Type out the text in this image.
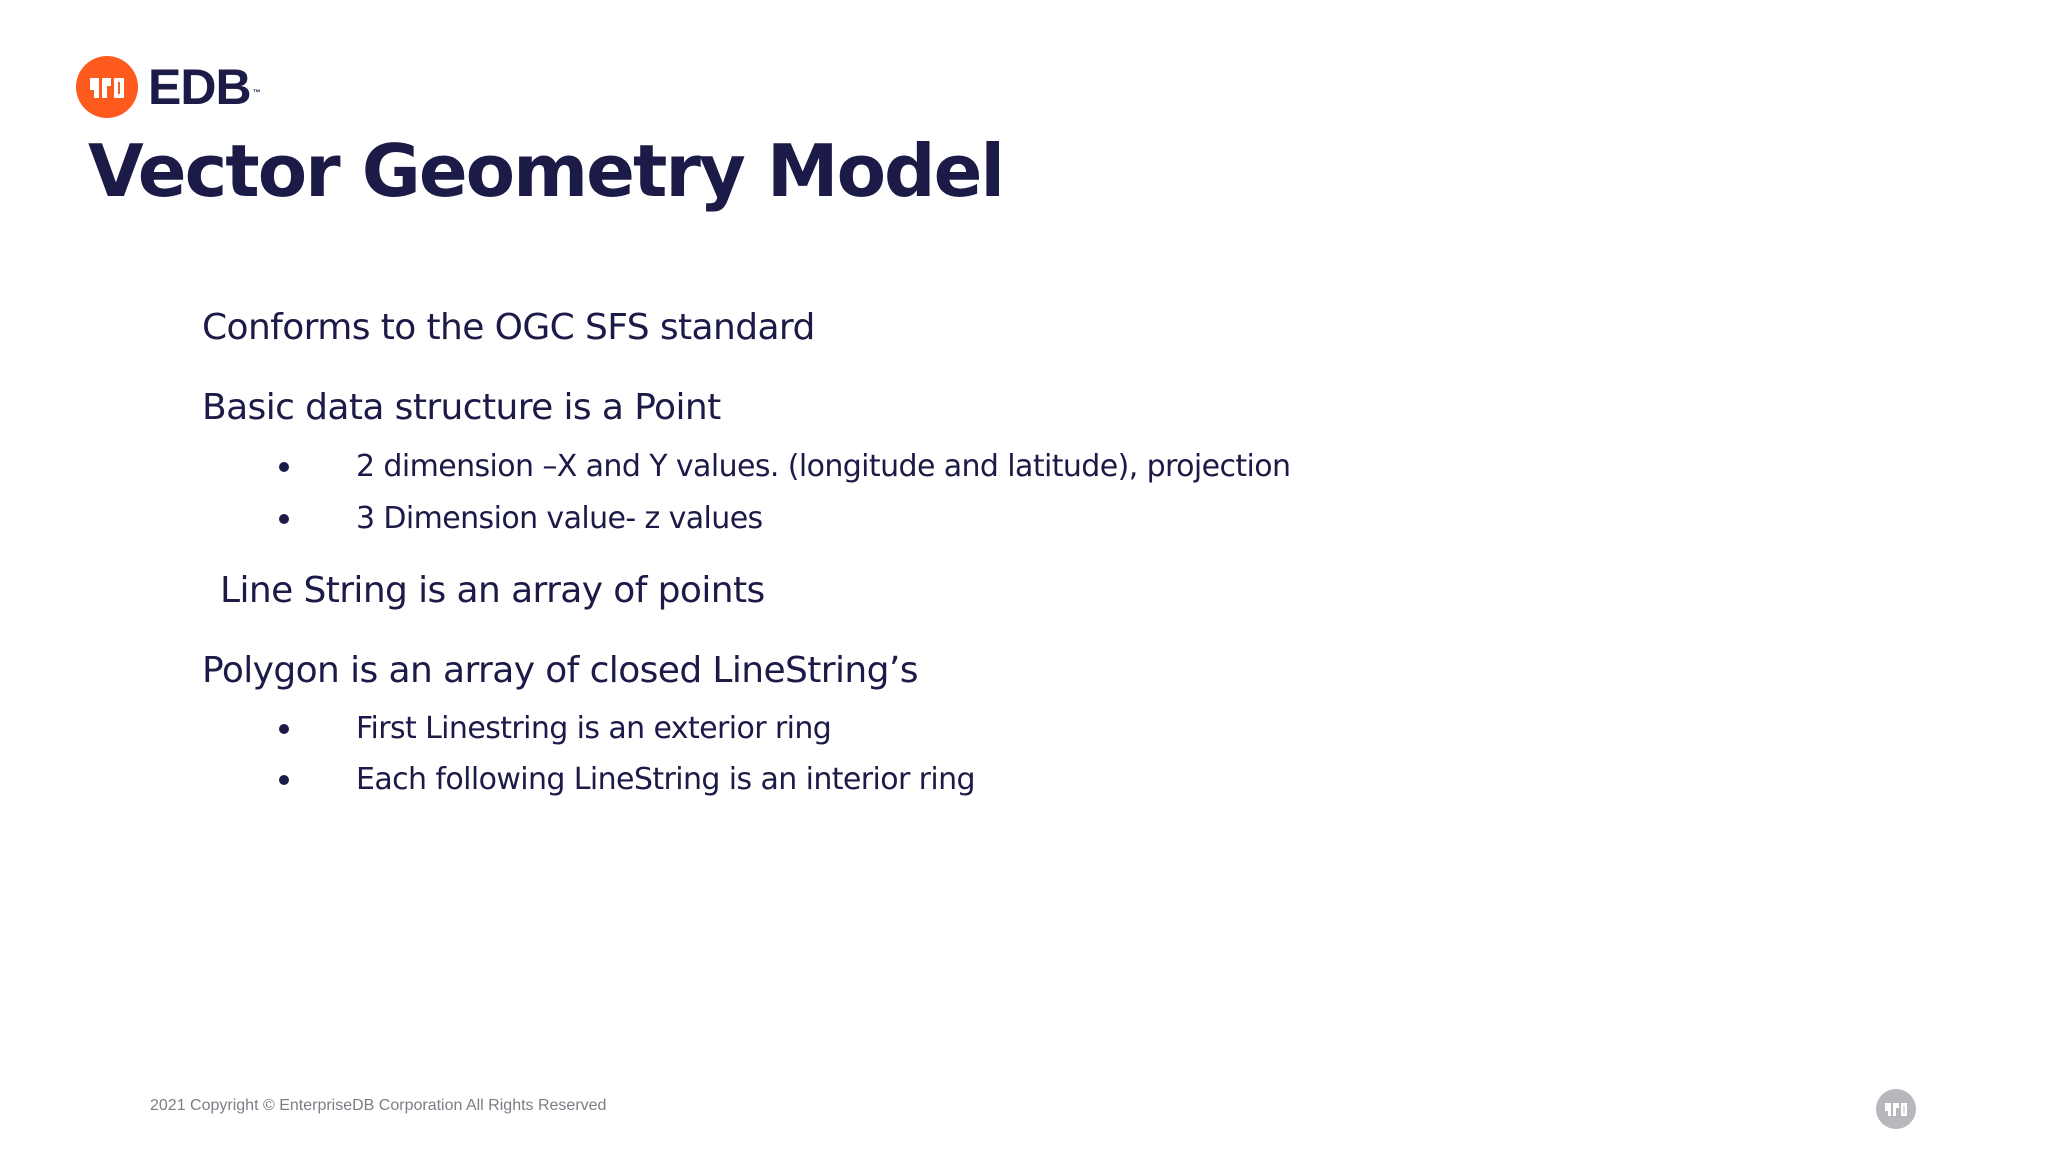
EDB ™
Vector Geometry Model
Conforms to the OGC SFS standard
Basic data structure is a Point
2 dimension –X and Y values. (longitude and latitude), projection
3 Dimension value- z values
Line String is an array of points
Polygon is an array of closed LineString’s
First Linestring is an exterior ring
Each following LineString is an interior ring
2021 Copyright © EnterpriseDB Corporation All Rights Reserved
